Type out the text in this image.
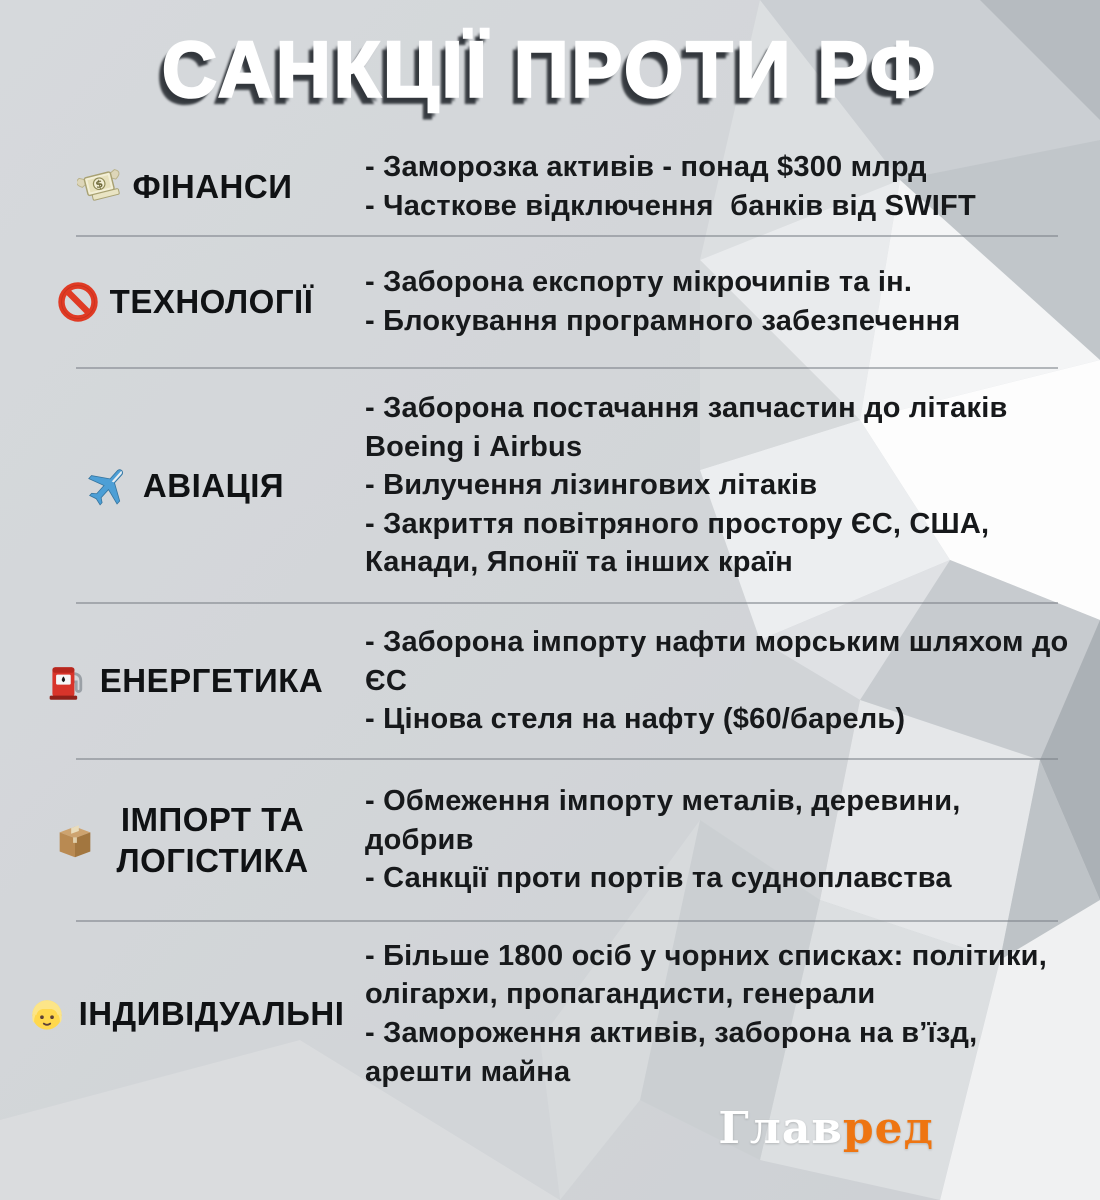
САНКЦІЇ ПРОТИ РФ
$ ФІНАНСИ
- Заморозка активів - понад $300 млрд
- Часткове відключення  банків від SWIFT
ТЕХНОЛОГІЇ
- Заборона експорту мікрочипів та ін.
- Блокування програмного забезпечення
АВІАЦІЯ
- Заборона постачання запчастин до літаків Boeing і Airbus
- Вилучення лізингових літаків
- Закриття повітряного простору ЄС, США, Канади, Японії та інших країн
ЕНЕРГЕТИКА
- Заборона імпорту нафти морським шляхом до ЄС
- Цінова стеля на нафту ($60/барель)
ІМПОРТ ТА ЛОГІСТИКА
- Обмеження імпорту металів, деревини, добрив
- Санкції проти портів та судноплавства
ІНДИВІДУАЛЬНІ
- Більше 1800 осіб у чорних списках: політики, олігархи, пропагандисти, генерали
- Замороження активів, заборона на в’їзд, арешти майна
Главред
